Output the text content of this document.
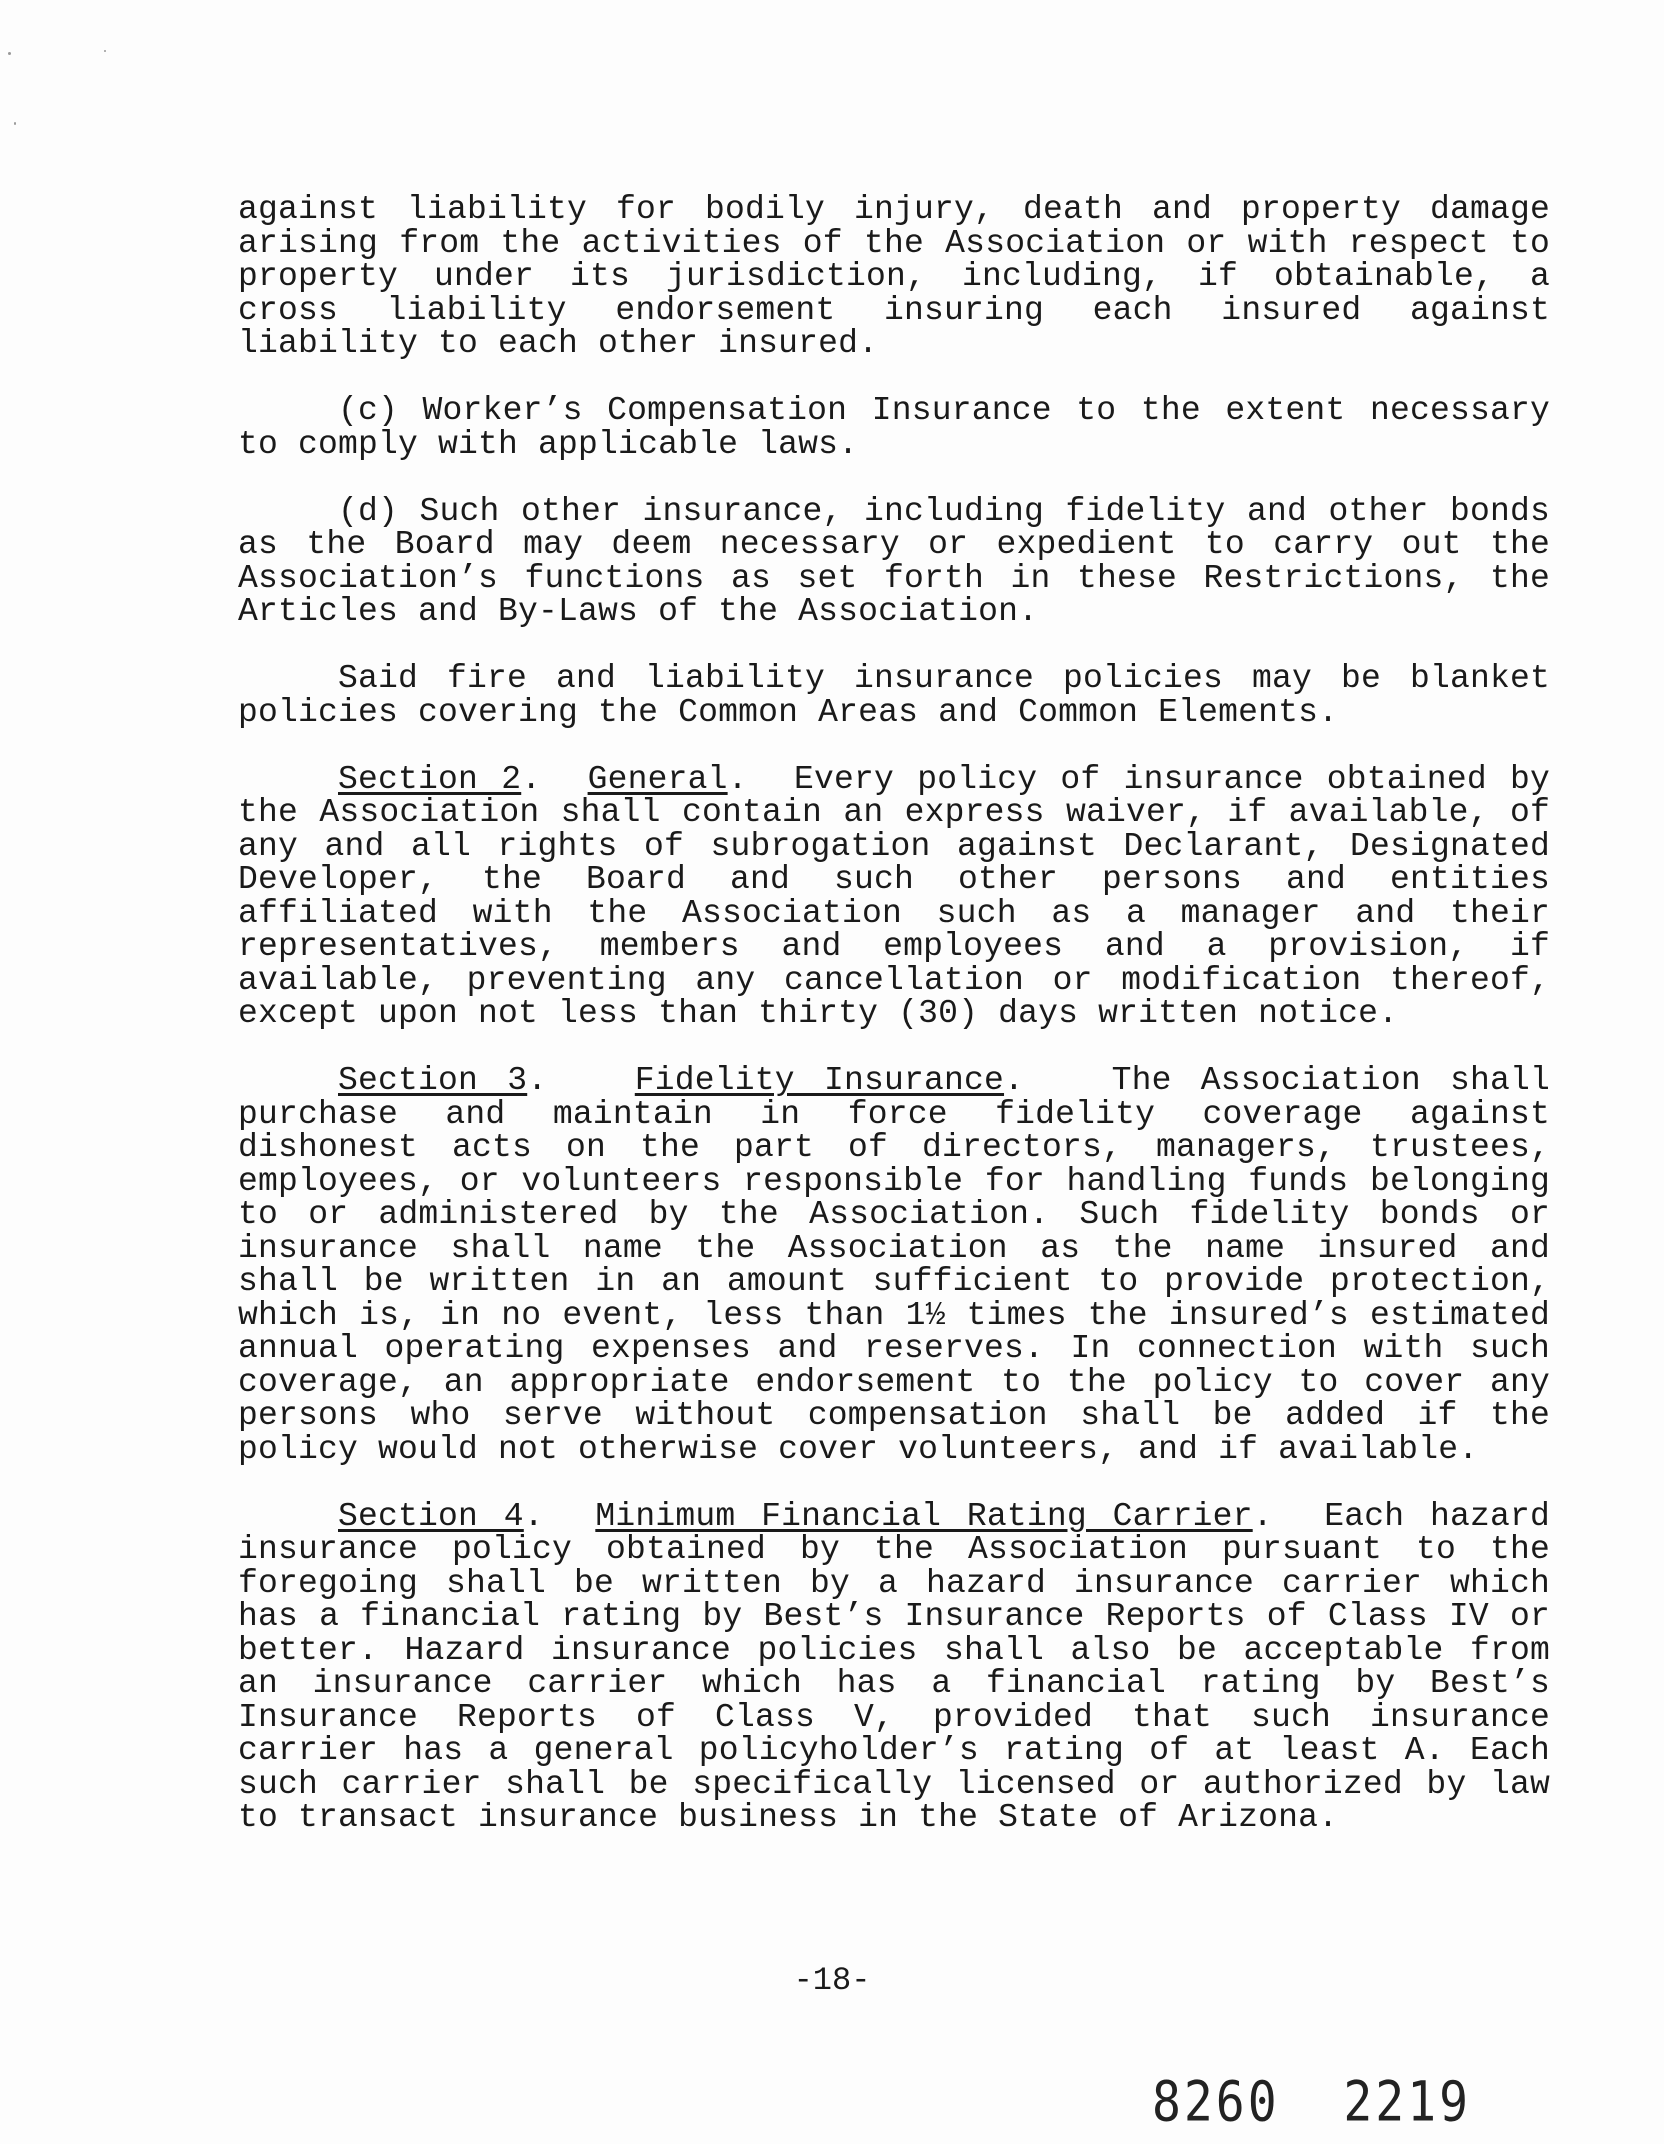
against liability for bodily injury, death and property damage arising from the activities of the Association or with respect to property under its jurisdiction, including, if obtainable, a cross liability endorsement insuring each insured against liability to each other insured.

(c) Worker’s Compensation Insurance to the extent necessary to comply with applicable laws.

(d) Such other insurance, including fidelity and other bonds as the Board may deem necessary or expedient to carry out the Association’s functions as set forth in these Restrictions, the Articles and By-Laws of the Association.

Said fire and liability insurance policies may be blanket policies covering the Common Areas and Common Elements.

Section 2.  General.  Every policy of insurance obtained by the Association shall contain an express waiver, if available, of any and all rights of subrogation against Declarant, Designated Developer, the Board and such other persons and entities affiliated with the Association such as a manager and their representatives, members and employees and a provision, if available, preventing any cancellation or modification thereof, except upon not less than thirty (30) days written notice.

Section 3.   Fidelity Insurance.   The Association shall purchase and maintain in force fidelity coverage against dishonest acts on the part of directors, managers, trustees, employees, or volunteers responsible for handling funds belonging to or administered by the Association. Such fidelity bonds or insurance shall name the Association as the name insured and shall be written in an amount sufficient to provide protection, which is, in no event, less than 1½ times the insured’s estimated annual operating expenses and reserves. In connection with such coverage, an appropriate endorsement to the policy to cover any persons who serve without compensation shall be added if the policy would not otherwise cover volunteers, and if available.

Section 4.  Minimum Financial Rating Carrier.  Each hazard insurance policy obtained by the Association pursuant to the foregoing shall be written by a hazard insurance carrier which has a financial rating by Best’s Insurance Reports of Class IV or better. Hazard insurance policies shall also be acceptable from an insurance carrier which has a financial rating by Best’s Insurance Reports of Class V, provided that such insurance carrier has a general policyholder’s rating of at least A. Each such carrier shall be specifically licensed or authorized by law to transact insurance business in the State of Arizona.

-18-
8260  2219
